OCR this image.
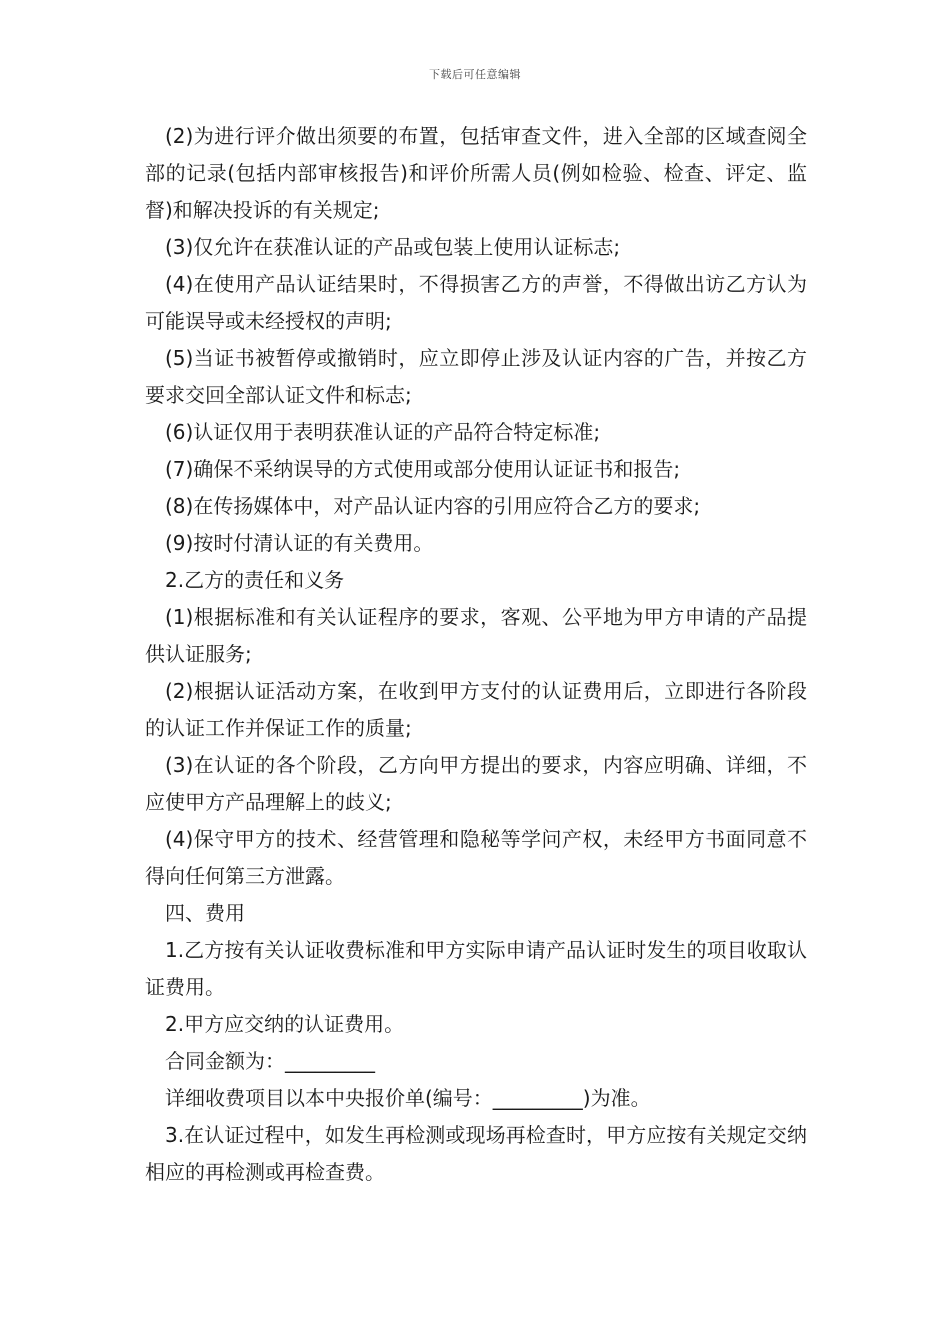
下载后可任意编辑

(2)为进行评介做出须要的布置，包括审查文件，进入全部的区域查阅全部的记录(包括内部审核报告)和评价所需人员(例如检验、检查、评定、监督)和解决投诉的有关规定;

(3)仅允许在获准认证的产品或包装上使用认证标志;

(4)在使用产品认证结果时，不得损害乙方的声誉，不得做出访乙方认为可能误导或未经授权的声明;

(5)当证书被暂停或撤销时，应立即停止涉及认证内容的广告，并按乙方要求交回全部认证文件和标志;

(6)认证仅用于表明获准认证的产品符合特定标准;

(7)确保不采纳误导的方式使用或部分使用认证证书和报告;

(8)在传扬媒体中，对产品认证内容的引用应符合乙方的要求;

(9)按时付清认证的有关费用。

2.乙方的责任和义务

(1)根据标准和有关认证程序的要求，客观、公平地为甲方申请的产品提供认证服务;

(2)根据认证活动方案，在收到甲方支付的认证费用后，立即进行各阶段的认证工作并保证工作的质量;

(3)在认证的各个阶段，乙方向甲方提出的要求，内容应明确、详细，不应使甲方产品理解上的歧义;

(4)保守甲方的技术、经营管理和隐秘等学问产权，未经甲方书面同意不得向任何第三方泄露。

四、费用

1.乙方按有关认证收费标准和甲方实际申请产品认证时发生的项目收取认证费用。

2.甲方应交纳的认证费用。

合同金额为：_________

详细收费项目以本中央报价单(编号：_________)为准。

3.在认证过程中，如发生再检测或现场再检查时，甲方应按有关规定交纳相应的再检测或再检查费。
